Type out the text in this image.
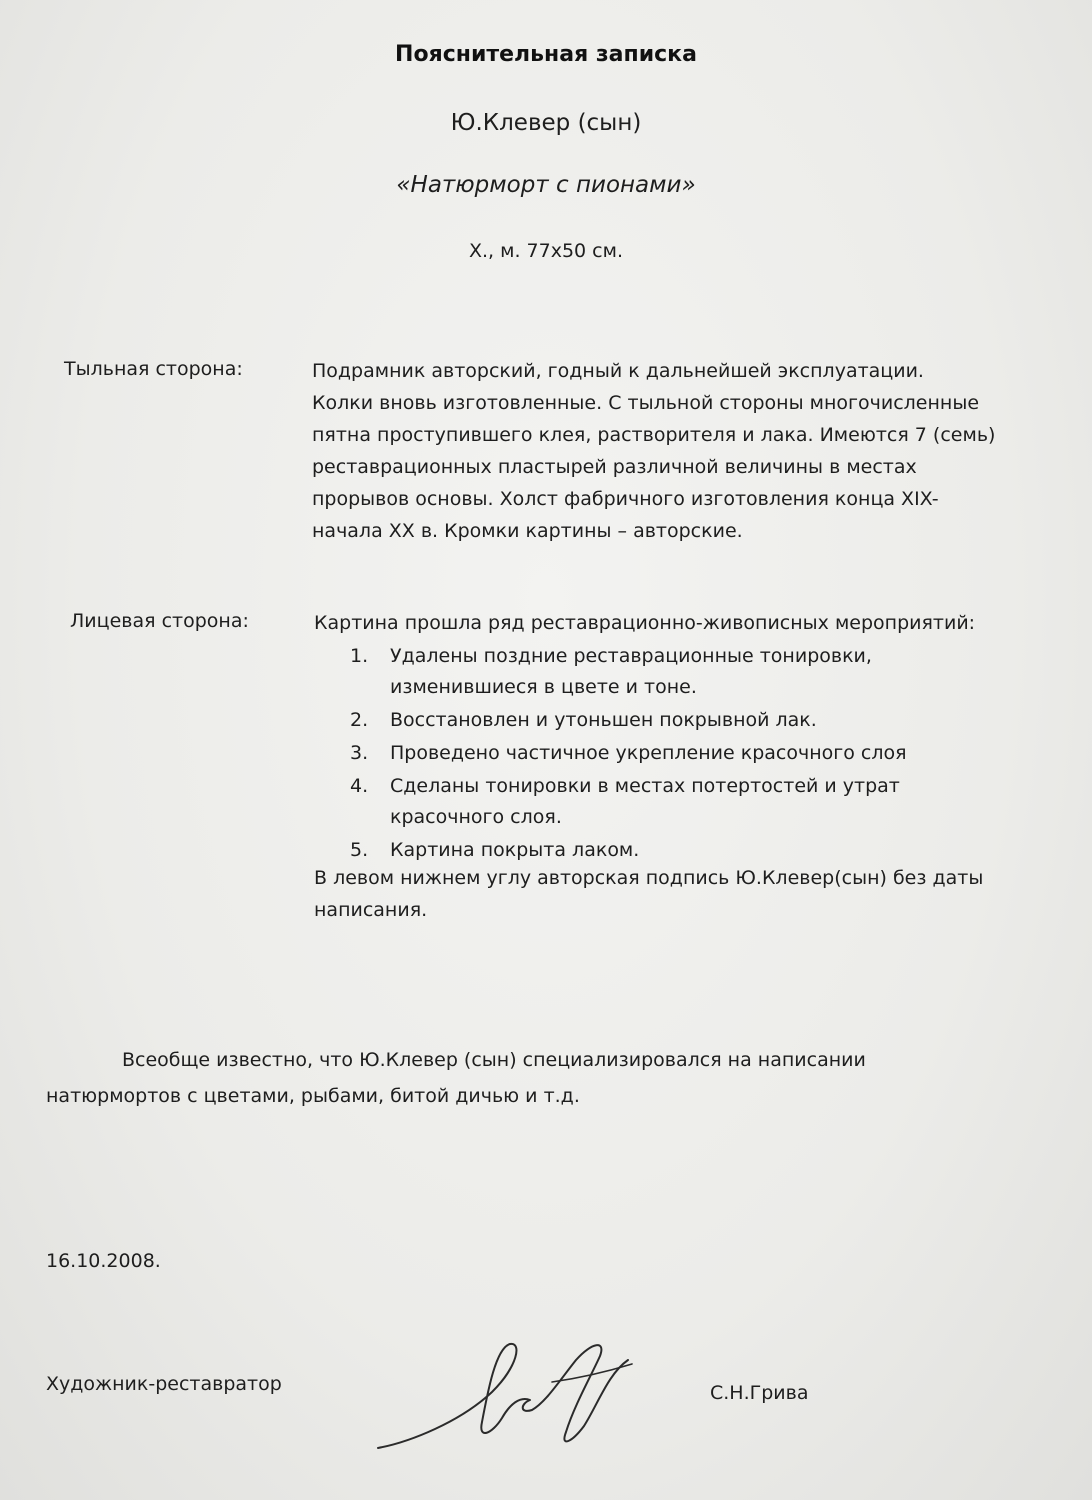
Пояснительная записка
Ю.Клевер (сын)
«Натюрморт с пионами»
Х., м. 77х50 см.
Тыльная сторона:	Подрамник авторский, годный к дальнейшей эксплуатации.
Колки вновь изготовленные. С тыльной стороны многочисленные
пятна проступившего клея, растворителя и лака. Имеются 7 (семь)
реставрационных пластырей различной величины в местах
прорывов основы. Холст фабричного изготовления конца XIX-
начала XX в. Кромки картины – авторские.
Лицевая сторона:	Картина прошла ряд реставрационно-живописных мероприятий:
1. Удалены поздние реставрационные тонировки,
изменившиеся в цвете и тоне.
2. Восстановлен и утоньшен покрывной лак.
3. Проведено частичное укрепление красочного слоя
4. Сделаны тонировки в местах потертостей и утрат
красочного слоя.
5. Картина покрыта лаком.
В левом нижнем углу авторская подпись Ю.Клевер(сын) без даты
написания.
Всеобще известно, что Ю.Клевер (сын) специализировался на написании
натюрмортов с цветами, рыбами, битой дичью и т.д.
16.10.2008.
Художник-реставратор	С.Н.Грива
